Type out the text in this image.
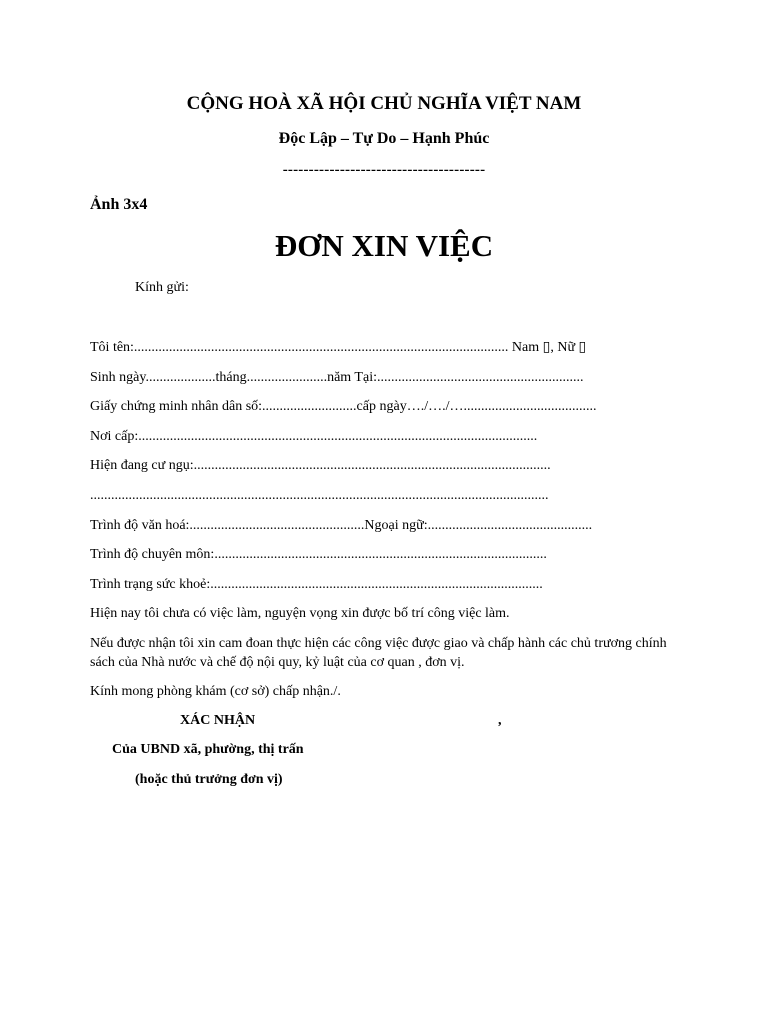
CỘNG HOÀ XÃ HỘI CHỦ NGHĨA VIỆT NAM
Độc Lập – Tự Do – Hạnh Phúc
---------------------------------------
Ảnh 3x4
ĐƠN XIN VIỆC
Kính gửi:
Tôi tên:........................................................................................................... Nam ▯, Nữ ▯
Sinh ngày....................tháng.......................năm Tại:...........................................................
Giấy chứng minh nhân dân số:...........................cấp ngày…./…./…......................................
Nơi cấp:..................................................................................................................
Hiện đang cư ngụ:......................................................................................................
...................................................................................................................................
Trình độ văn hoá:..................................................Ngoại ngữ:...............................................
Trình độ chuyên môn:...............................................................................................
Trình trạng sức khoẻ:...............................................................................................
Hiện nay tôi chưa có việc làm, nguyện vọng xin được bố trí công việc làm.
Nếu được nhận tôi xin cam đoan thực hiện các công việc được giao và chấp hành các chủ trương chính sách của Nhà nước và chế độ nội quy, kỷ luật của cơ quan , đơn vị.
Kính mong phòng khám (cơ sở) chấp nhận./.
XÁC NHẬN	,
Của UBND xã, phường, thị trấn
(hoặc thủ trưởng đơn vị)
